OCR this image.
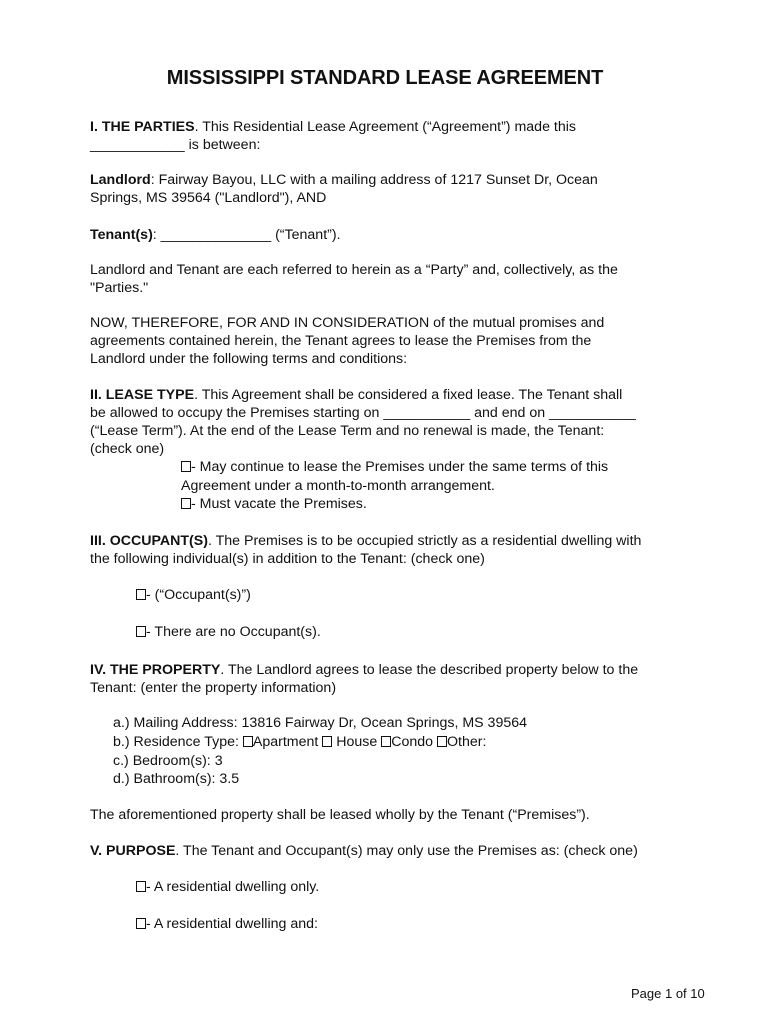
MISSISSIPPI STANDARD LEASE AGREEMENT

I. THE PARTIES. This Residential Lease Agreement (“Agreement”) made this
____________ is between:

Landlord: Fairway Bayou, LLC with a mailing address of 1217 Sunset Dr, Ocean
Springs, MS 39564 ("Landlord"), AND

Tenant(s): ______________ (“Tenant”).

Landlord and Tenant are each referred to herein as a “Party” and, collectively, as the
"Parties."

NOW, THEREFORE, FOR AND IN CONSIDERATION of the mutual promises and
agreements contained herein, the Tenant agrees to lease the Premises from the
Landlord under the following terms and conditions:

II. LEASE TYPE. This Agreement shall be considered a fixed lease. The Tenant shall
be allowed to occupy the Premises starting on ___________ and end on ___________
(“Lease Term”). At the end of the Lease Term and no renewal is made, the Tenant:
(check one)

- May continue to lease the Premises under the same terms of this
Agreement under a month-to-month arrangement.
- Must vacate the Premises.

III. OCCUPANT(S). The Premises is to be occupied strictly as a residential dwelling with
the following individual(s) in addition to the Tenant: (check one)

- (“Occupant(s)”)
- There are no Occupant(s).

IV. THE PROPERTY. The Landlord agrees to lease the described property below to the
Tenant: (enter the property information)

a.) Mailing Address: 13816 Fairway Dr, Ocean Springs, MS 39564
b.) Residence Type: Apartment House Condo Other:
c.) Bedroom(s): 3
d.) Bathroom(s): 3.5

The aforementioned property shall be leased wholly by the Tenant (“Premises”).

V. PURPOSE. The Tenant and Occupant(s) may only use the Premises as: (check one)

- A residential dwelling only.
- A residential dwelling and:
Page 1 of 10
